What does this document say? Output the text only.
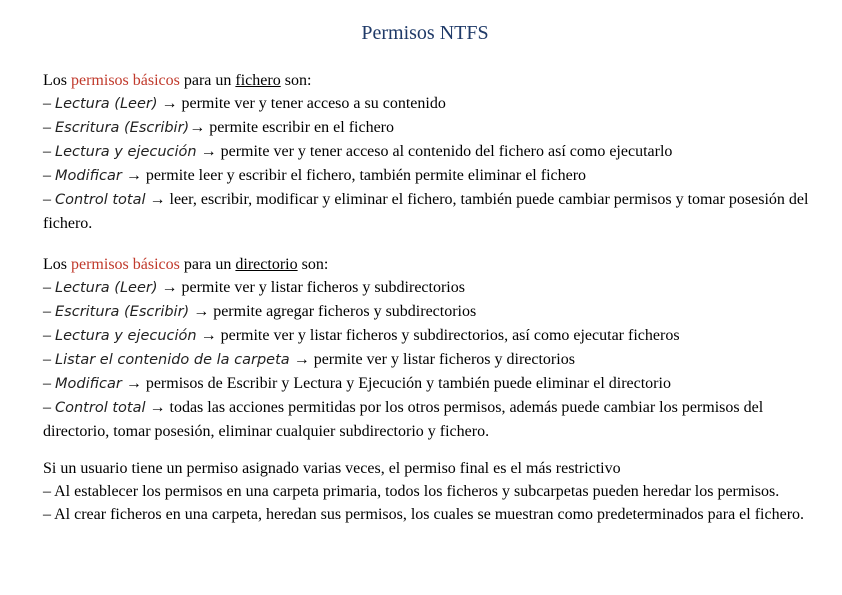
Permisos NTFS
Los permisos básicos para un fichero son:
– Lectura (Leer) → permite ver y tener acceso a su contenido
– Escritura (Escribir)→ permite escribir en el fichero
– Lectura y ejecución → permite ver y tener acceso al contenido del fichero así como ejecutarlo
– Modificar → permite leer y escribir el fichero, también permite eliminar el fichero
– Control total → leer, escribir, modificar y eliminar el fichero, también puede cambiar permisos y tomar posesión del fichero.
Los permisos básicos para un directorio son:
– Lectura (Leer) → permite ver y listar ficheros y subdirectorios
– Escritura (Escribir) → permite agregar ficheros y subdirectorios
– Lectura y ejecución → permite ver y listar ficheros y subdirectorios, así como ejecutar ficheros
– Listar el contenido de la carpeta → permite ver y listar ficheros y directorios
– Modificar → permisos de Escribir y Lectura y Ejecución y también puede eliminar el directorio
– Control total → todas las acciones permitidas por los otros permisos, además puede cambiar los permisos del directorio, tomar posesión, eliminar cualquier subdirectorio y fichero.
Si un usuario tiene un permiso asignado varias veces, el permiso final es el más restrictivo
– Al establecer los permisos en una carpeta primaria, todos los ficheros y subcarpetas pueden heredar los permisos.
– Al crear ficheros en una carpeta, heredan sus permisos, los cuales se muestran como predeterminados para el fichero.
